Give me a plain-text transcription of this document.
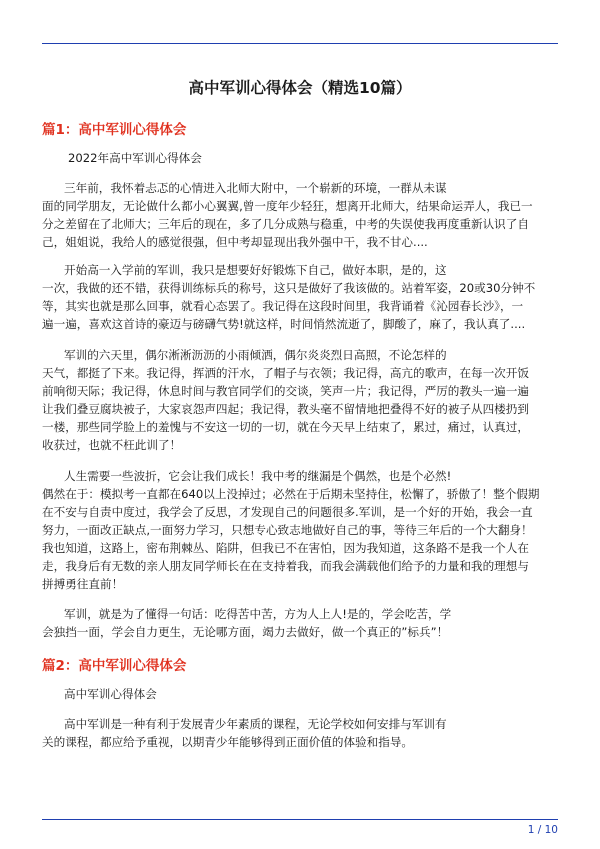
高中军训心得体会（精选10篇）
篇1：高中军训心得体会

2022年高中军训心得体会

三年前，我怀着忐忑的心情进入北师大附中，一个崭新的环境，一群从未谋

面的同学朋友，无论做什么都小心翼翼,曾一度年少轻狂，想离开北师大，结果命运弄人，我已一

分之差留在了北师大；三年后的现在，多了几分成熟与稳重，中考的失误使我再度重新认识了自

己，姐姐说，我给人的感觉很强，但中考却显现出我外强中干，我不甘心....

开始高一入学前的军训，我只是想要好好锻炼下自己，做好本职，是的，这

一次，我做的还不错，获得训练标兵的称号，这只是做好了我该做的。站着军姿，20或30分钟不

等，其实也就是那么回事，就看心态罢了。我记得在这段时间里，我背诵着《沁园春长沙》，一

遍一遍，喜欢这首诗的豪迈与磅礴气势!就这样，时间悄然流逝了，脚酸了，麻了，我认真了....

军训的六天里，偶尔淅淅沥沥的小雨倾洒，偶尔炎炎烈日高照，不论怎样的

天气，都挺了下来。我记得，挥洒的汗水，了帽子与衣领；我记得，高亢的歌声，在每一次开饭

前响彻天际；我记得，休息时间与教官同学们的交谈，笑声一片；我记得，严厉的教头一遍一遍

让我们叠豆腐块被子，大家哀怨声四起；我记得，教头毫不留情地把叠得不好的被子从四楼扔到

一楼，那些同学脸上的羞愧与不安这一切的一切，就在今天早上结束了，累过，痛过，认真过，

收获过，也就不枉此训了！

人生需要一些波折，它会让我们成长！我中考的继漏是个偶然，也是个必然!

偶然在于：模拟考一直都在640以上没掉过；必然在于后期未坚持住，松懈了，骄傲了！整个假期

在不安与自责中度过，我学会了反思，才发现自己的问题很多.军训，是一个好的开始，我会一直

努力，一面改正缺点,一面努力学习，只想专心致志地做好自己的事，等待三年后的一个大翻身！

我也知道，这路上，密布荆棘丛、陷阱，但我已不在害怕，因为我知道，这条路不是我一个人在

走，我身后有无数的亲人朋友同学师长在在支持着我，而我会满载他们给予的力量和我的理想与

拼搏勇往直前！

军训，就是为了懂得一句话：吃得苦中苦，方为人上人!是的，学会吃苦，学

会独挡一面，学会自力更生，无论哪方面，竭力去做好，做一个真正的”标兵”！

篇2：高中军训心得体会

高中军训心得体会

高中军训是一种有利于发展青少年素质的课程，无论学校如何安排与军训有

关的课程，都应给予重视，以期青少年能够得到正面价值的体验和指导。

1 / 10
